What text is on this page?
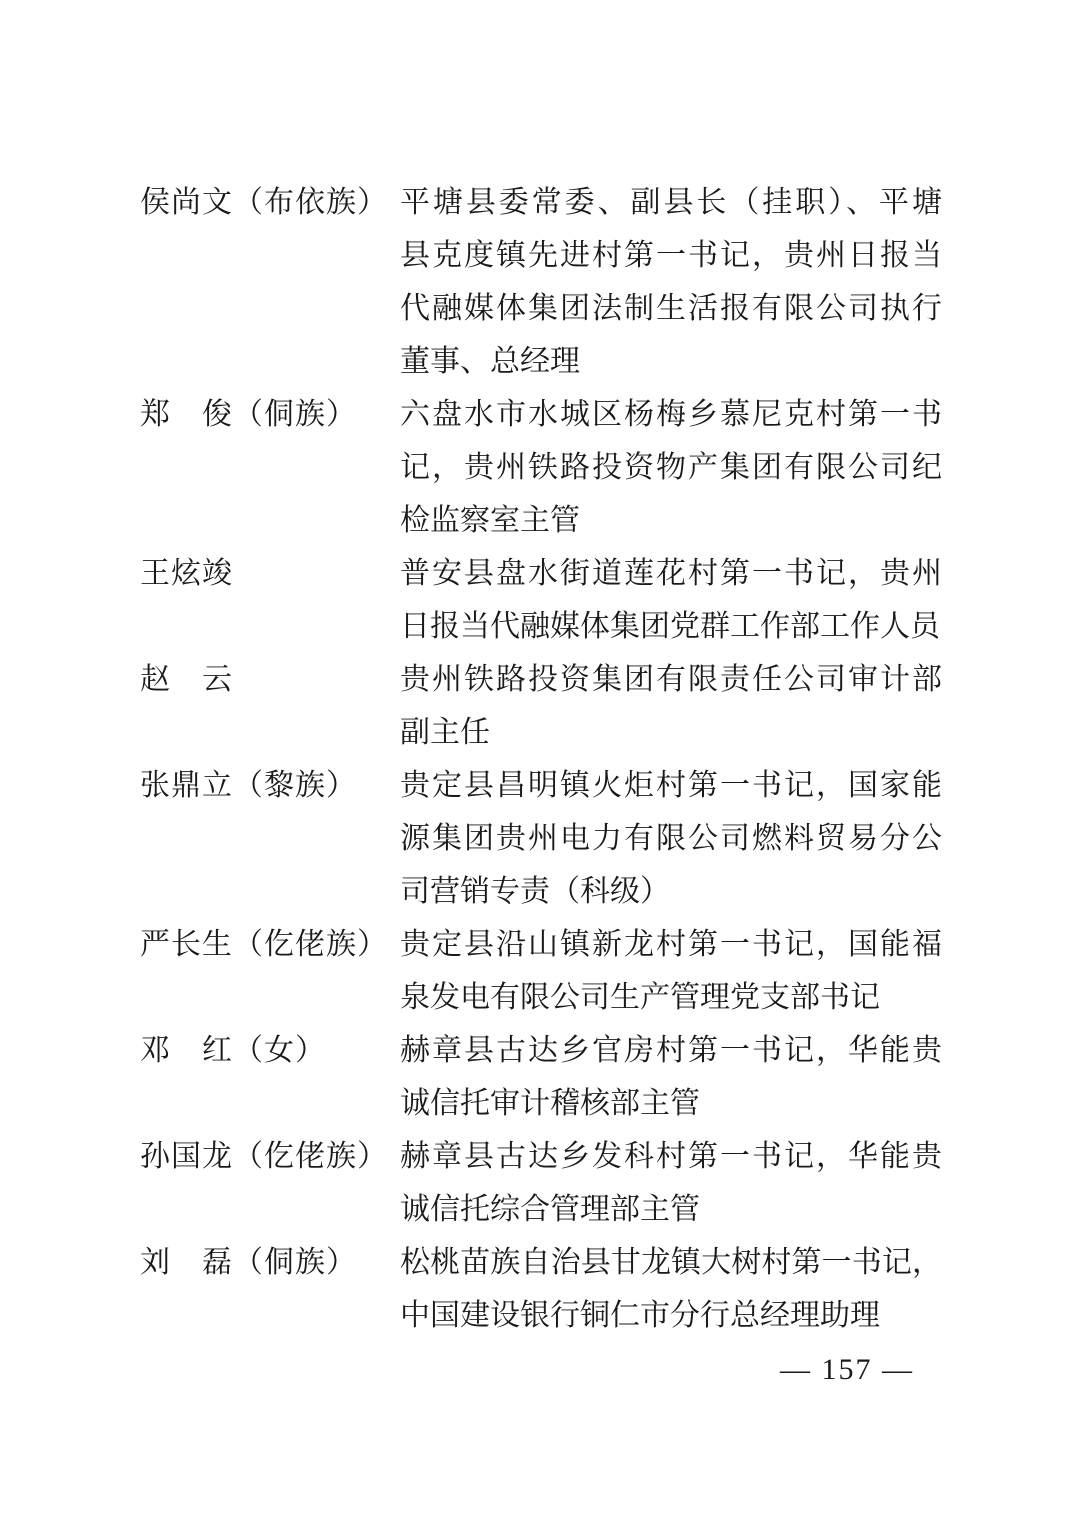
侯尚文（布依族） 平塘县委常委、副县长（挂职）、平塘
县克度镇先进村第一书记，贵州日报当
代融媒体集团法制生活报有限公司执行
董事、总经理
郑　俊（侗族）	六盘水市水城区杨梅乡慕尼克村第一书
记，贵州铁路投资物产集团有限公司纪
检监察室主管
王炫竣	普安县盘水街道莲花村第一书记，贵州
日报当代融媒体集团党群工作部工作人员
赵　云	贵州铁路投资集团有限责任公司审计部
副主任
张鼎立（黎族）	贵定县昌明镇火炬村第一书记，国家能
源集团贵州电力有限公司燃料贸易分公
司营销专责（科级）
严长生（仡佬族） 贵定县沿山镇新龙村第一书记，国能福
泉发电有限公司生产管理党支部书记
邓　红（女）	赫章县古达乡官房村第一书记，华能贵
诚信托审计稽核部主管
孙国龙（仡佬族） 赫章县古达乡发科村第一书记，华能贵
诚信托综合管理部主管
刘　磊（侗族）	松桃苗族自治县甘龙镇大树村第一书记，
中国建设银行铜仁市分行总经理助理
— 157 —
